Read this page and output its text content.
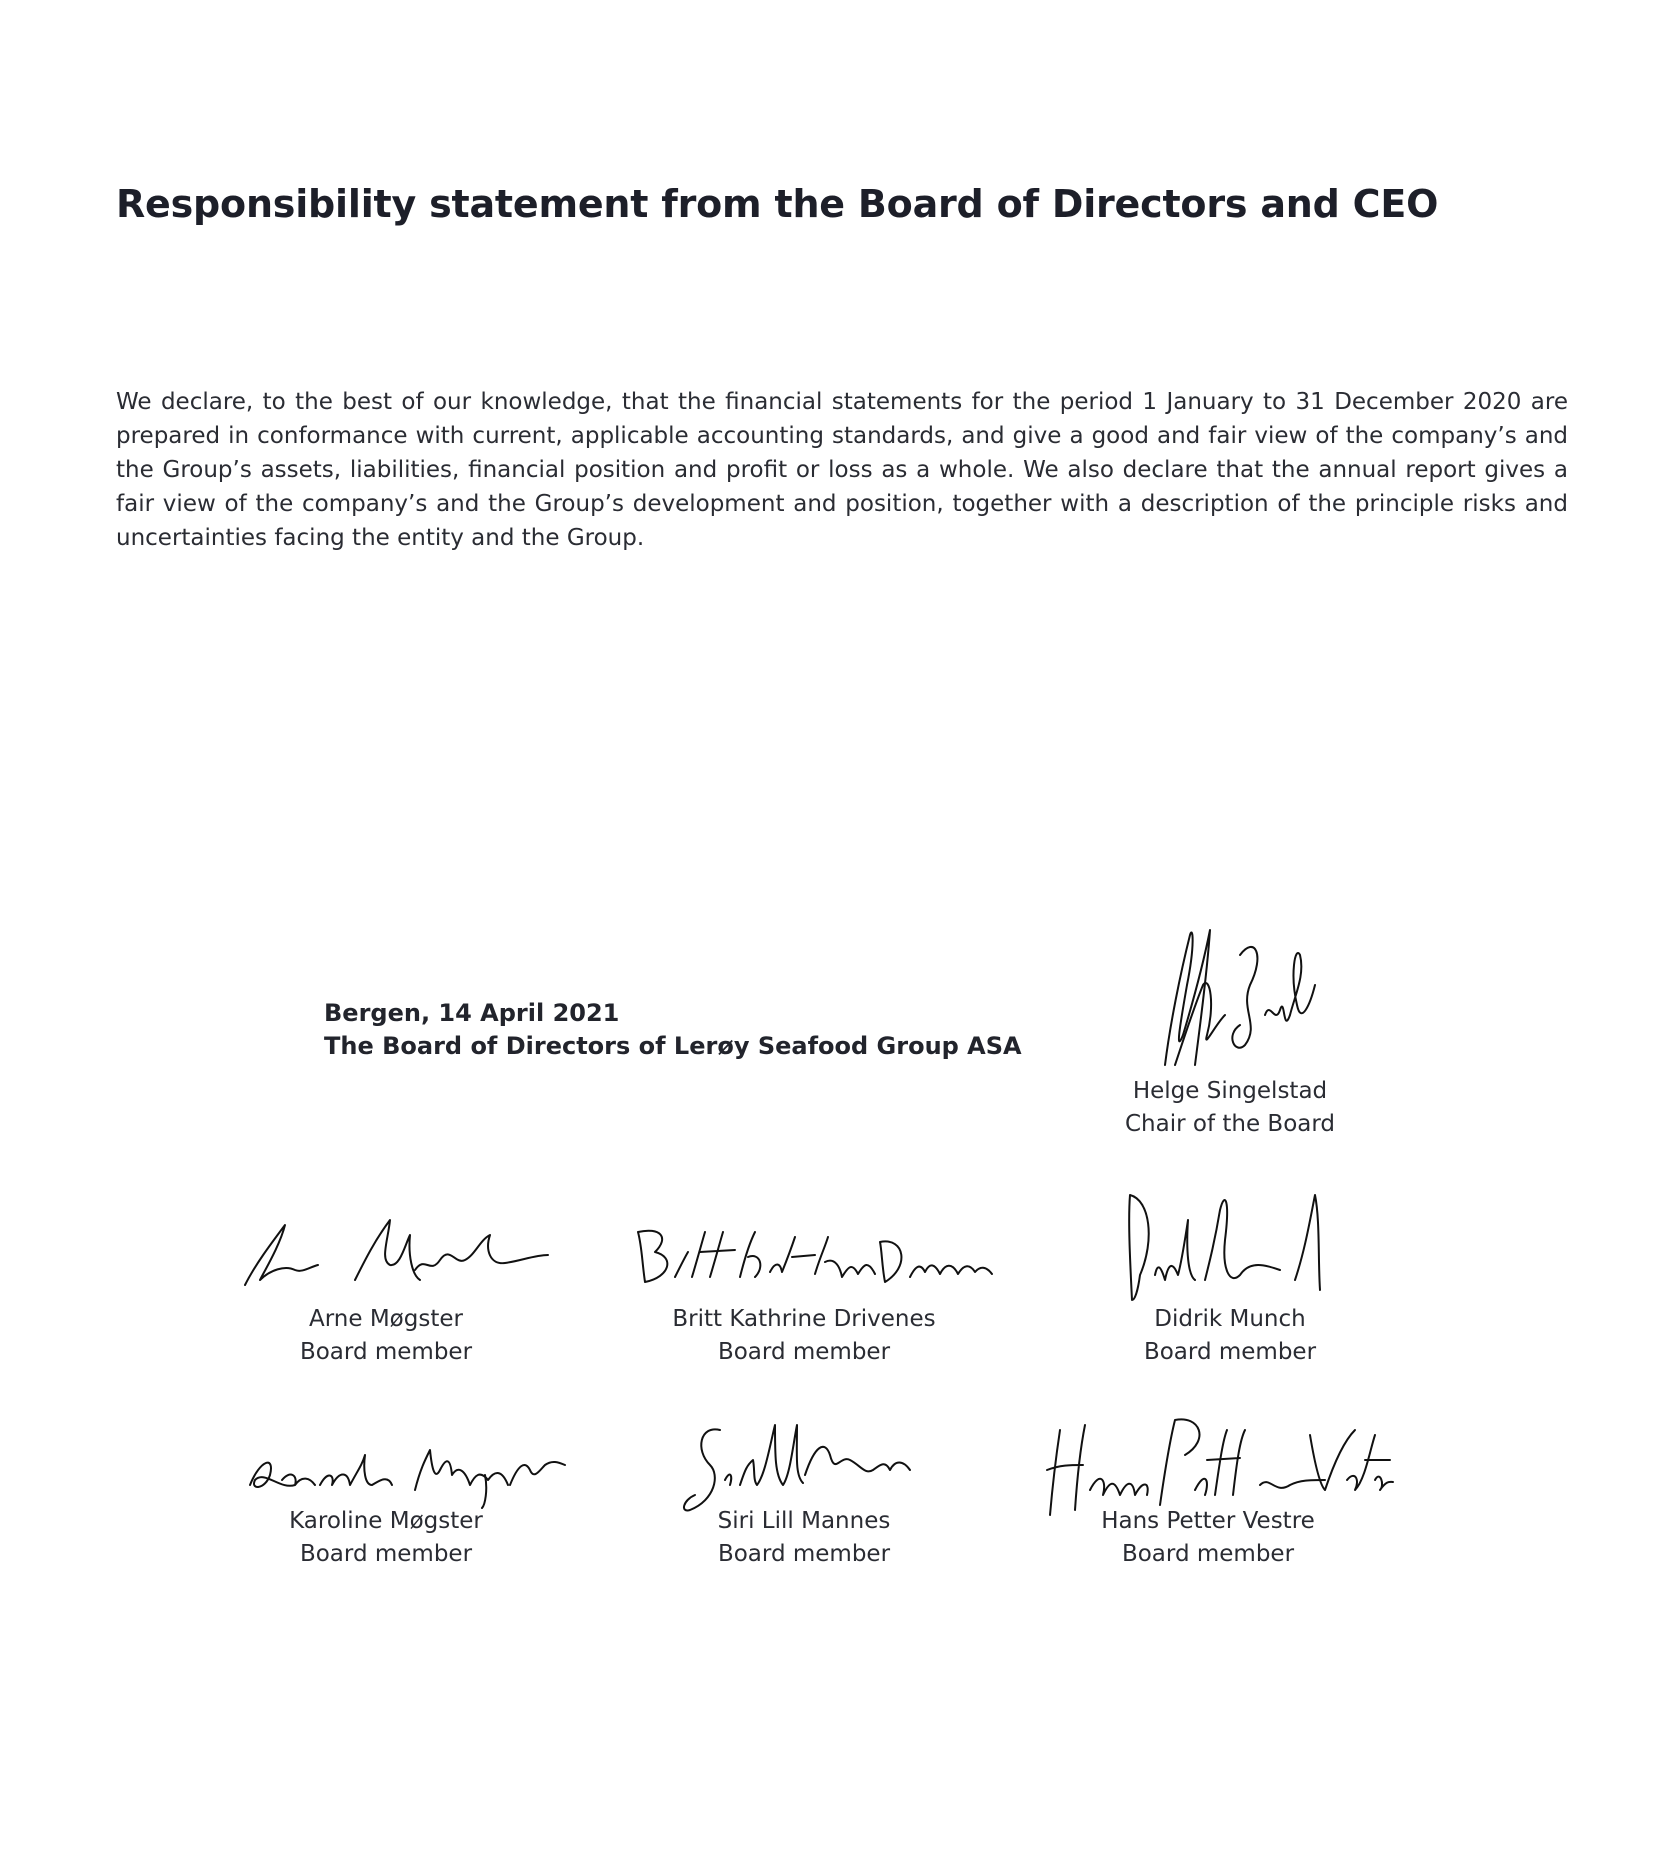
Responsibility statement from the Board of Directors and CEO

We declare, to the best of our knowledge, that the financial statements for the period 1 January to 31 December 2020 are prepared in conformance with current, applicable accounting standards, and give a good and fair view of the company’s and the Group’s assets, liabilities, financial position and profit or loss as a whole. We also declare that the annual report gives a fair view of the company’s and the Group’s development and position, together with a description of the principle risks and uncertainties facing the entity and the Group.

Bergen, 14 April 2021
The Board of Directors of Lerøy Seafood Group ASA
Helge Singelstad
Chair of the Board
Arne Møgster
Board member
Britt Kathrine Drivenes
Board member
Didrik Munch
Board member
Karoline Møgster
Board member
Siri Lill Mannes
Board member
Hans Petter Vestre
Board member
